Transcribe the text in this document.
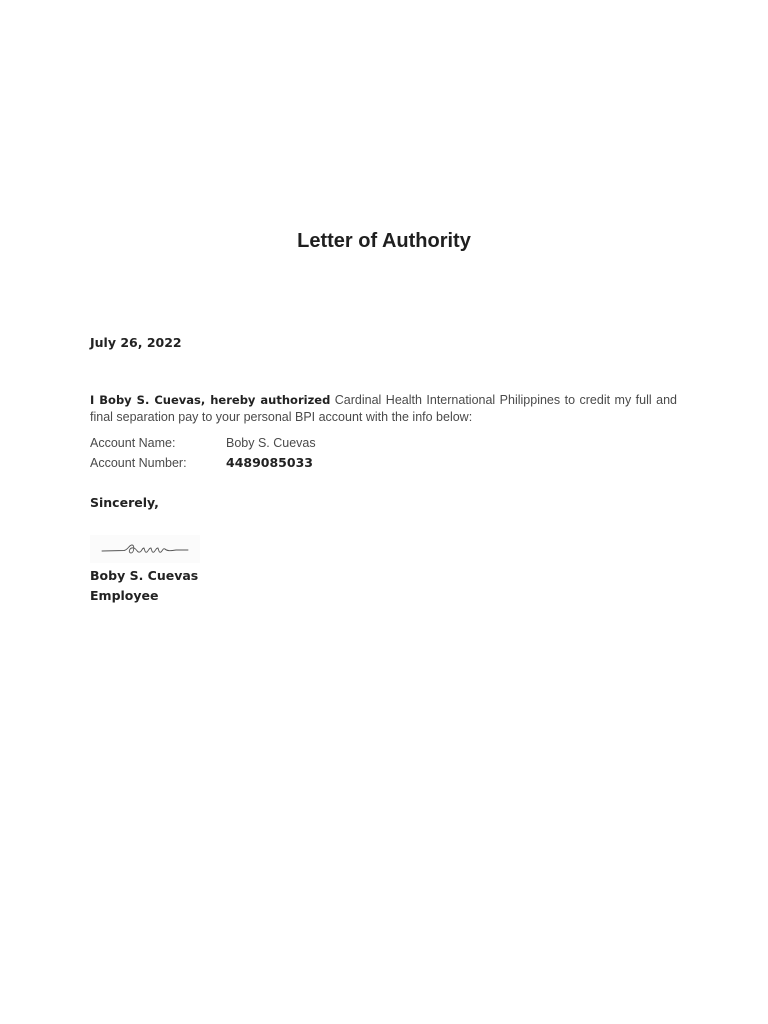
Letter of Authority
July 26, 2022
I Boby S. Cuevas, hereby authorized Cardinal Health International Philippines to credit my full and final separation pay to your personal BPI account with the info below:
Account Name:	Boby S. Cuevas
Account Number:	4489085033
Sincerely,
Boby S. Cuevas
Employee
